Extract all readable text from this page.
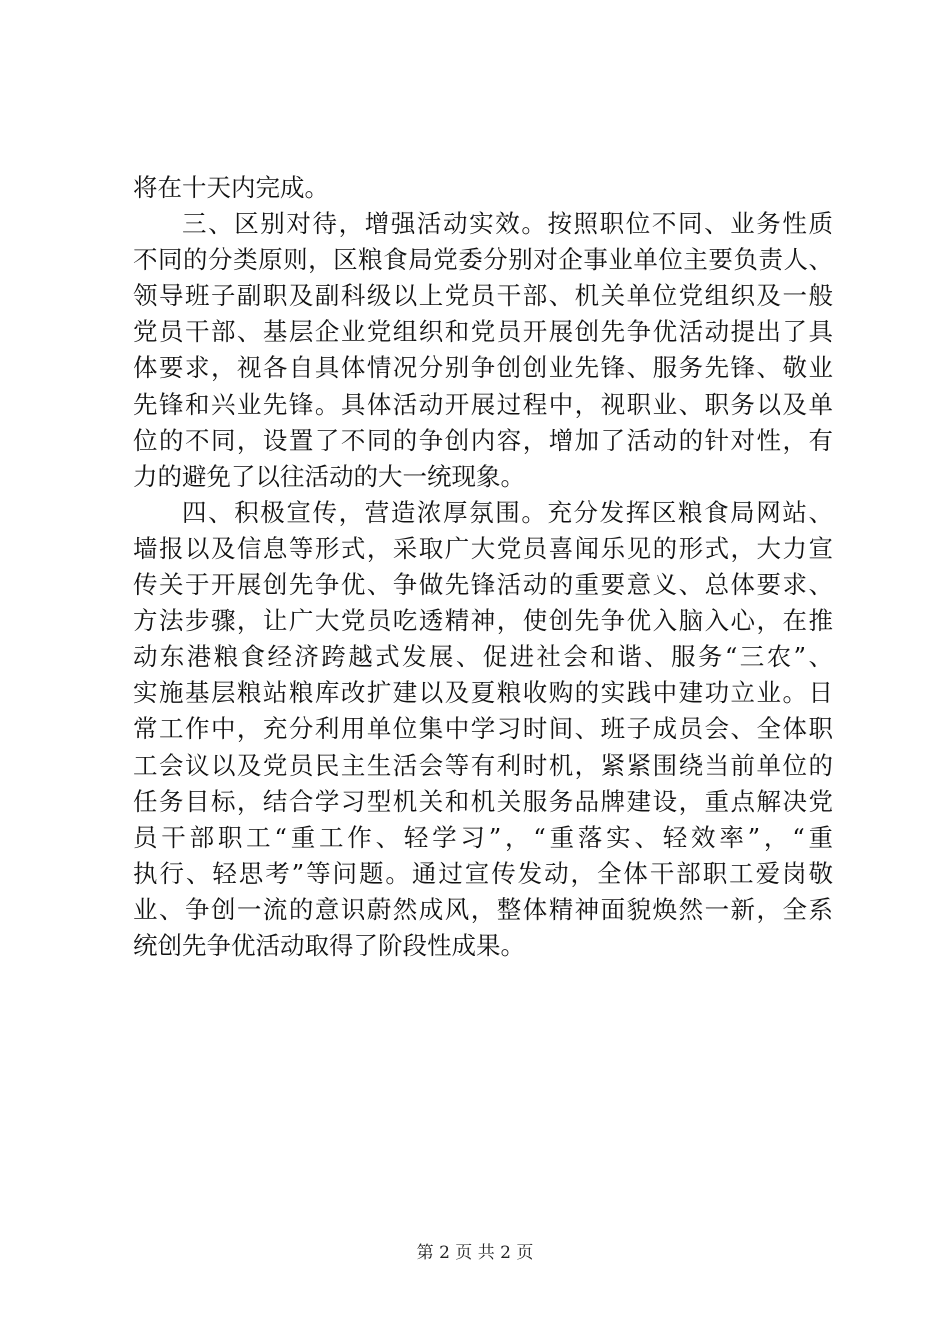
将在十天内完成。
三、区别对待，增强活动实效。按照职位不同、业务性质
不同的分类原则，区粮食局党委分别对企事业单位主要负责人、
领导班子副职及副科级以上党员干部、机关单位党组织及一般
党员干部、基层企业党组织和党员开展创先争优活动提出了具
体要求，视各自具体情况分别争创创业先锋、服务先锋、敬业
先锋和兴业先锋。具体活动开展过程中，视职业、职务以及单
位的不同，设置了不同的争创内容，增加了活动的针对性，有
力的避免了以往活动的大一统现象。
四、积极宣传，营造浓厚氛围。充分发挥区粮食局网站、
墙报以及信息等形式，采取广大党员喜闻乐见的形式，大力宣
传关于开展创先争优、争做先锋活动的重要意义、总体要求、
方法步骤，让广大党员吃透精神，使创先争优入脑入心，在推
动东港粮食经济跨越式发展、促进社会和谐、服务“三农”、
实施基层粮站粮库改扩建以及夏粮收购的实践中建功立业。日
常工作中，充分利用单位集中学习时间、班子成员会、全体职
工会议以及党员民主生活会等有利时机，紧紧围绕当前单位的
任务目标，结合学习型机关和机关服务品牌建设，重点解决党
员干部职工“重工作、轻学习”，“重落实、轻效率”，“重
执行、轻思考”等问题。通过宣传发动，全体干部职工爱岗敬
业、争创一流的意识蔚然成风，整体精神面貌焕然一新，全系
统创先争优活动取得了阶段性成果。
第 2 页 共 2 页
